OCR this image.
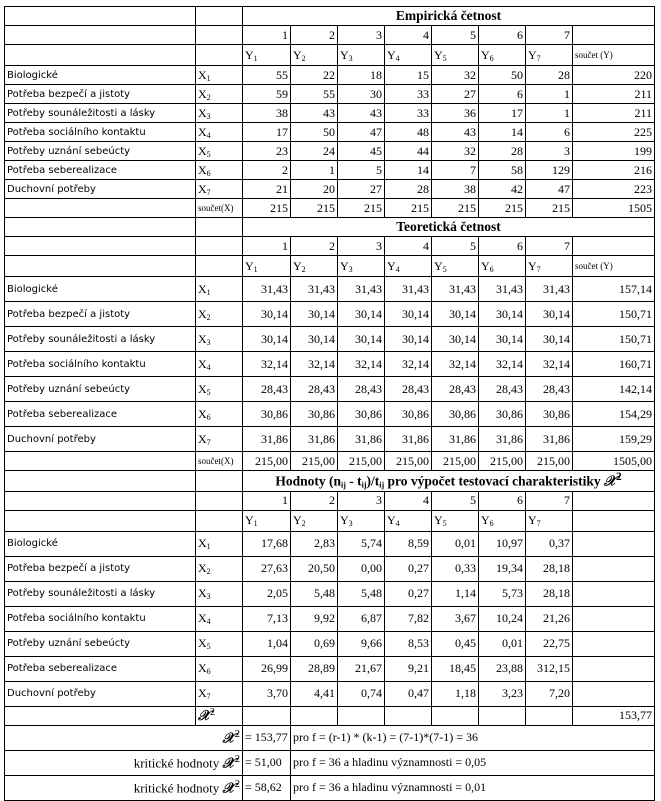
		Empirická četnost							
		1	2	3	4	5	6	7	
		$Y_1$	$Y_2$	$Y_3$	$Y_4$	$Y_5$	$Y_6$	$Y_7$	součet (Y)
Biologické	$X_1$	55	22	18	15	32	50	28	220
Potřeba bezpečí a jistoty	$X_2$	59	55	30	33	27	6	1	211
Potřeby sounáležitosti a lásky	$X_3$	38	43	43	33	36	17	1	211
Potřeba sociálního kontaktu	$X_4$	17	50	47	48	43	14	6	225
Potřeby uznání sebeúcty	$X_5$	23	24	45	44	32	28	3	199
Potřeba seberealizace	$X_6$	2	1	5	14	7	58	129	216
Duchovní potřeby	$X_7$	21	20	27	28	38	42	47	223
	součet(X)	215	215	215	215	215	215	215	1505
		Teoretická četnost							
		1	2	3	4	5	6	7	
		$Y_1$	$Y_2$	$Y_3$	$Y_4$	$Y_5$	$Y_6$	$Y_7$	součet (Y)
Biologické	$X_1$	31,43	31,43	31,43	31,43	31,43	31,43	31,43	157,14
Potřeba bezpečí a jistoty	$X_2$	30,14	30,14	30,14	30,14	30,14	30,14	30,14	150,71
Potřeby sounáležitosti a lásky	$X_3$	30,14	30,14	30,14	30,14	30,14	30,14	30,14	150,71
Potřeba sociálního kontaktu	$X_4$	32,14	32,14	32,14	32,14	32,14	32,14	32,14	160,71
Potřeby uznání sebeúcty	$X_5$	28,43	28,43	28,43	28,43	28,43	28,43	28,43	142,14
Potřeba seberealizace	$X_6$	30,86	30,86	30,86	30,86	30,86	30,86	30,86	154,29
Duchovní potřeby	$X_7$	31,86	31,86	31,86	31,86	31,86	31,86	31,86	159,29
	součet(X)	215,00	215,00	215,00	215,00	215,00	215,00	215,00	1505,00
		Hodnoty $(n_{ij} - t_{ij})/t_{ij}$ pro výpočet testovací charakteristiky 𝒳$^2$
		1	2	3	4	5	6	7	
		$Y_1$	$Y_2$	$Y_3$	$Y_4$	$Y_5$	$Y_6$	$Y_7$	
Biologické	$X_1$	17,68	2,83	5,74	8,59	0,01	10,97	0,37	
Potřeba bezpečí a jistoty	$X_2$	27,63	20,50	0,00	0,27	0,33	19,34	28,18	
Potřeby sounáležitosti a lásky	$X_3$	2,05	5,48	5,48	0,27	1,14	5,73	28,18	
Potřeba sociálního kontaktu	$X_4$	7,13	9,92	6,87	7,82	3,67	10,24	21,26	
Potřeby uznání sebeúcty	$X_5$	1,04	0,69	9,66	8,53	0,45	0,01	22,75	
Potřeba seberealizace	$X_6$	26,99	28,89	21,67	9,21	18,45	23,88	312,15	
Duchovní potřeby	$X_7$	3,70	4,41	0,74	0,47	1,18	3,23	7,20	
	𝒳$^2$								153,77
𝒳$^2$		= 153,77	pro f = (r-1) * (k-1) = (7-1)*(7-1) = 36						
kritické hodnoty 𝒳$^2$		= 51,00	pro f = 36 a hladinu významnosti = 0,05						
kritické hodnoty 𝒳$^2$		= 58,62	pro f = 36 a hladinu významnosti = 0,01						
